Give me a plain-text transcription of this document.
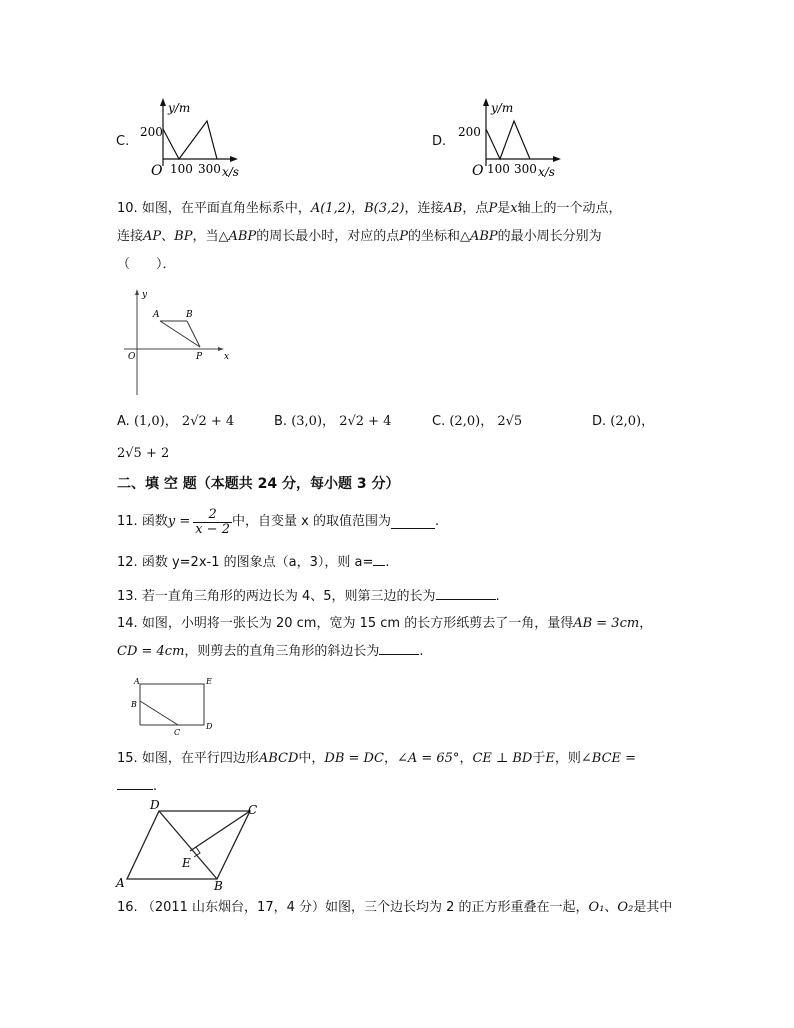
C.
y/m
200
O 100 300 x/s
D.
y/m
200
O 100 300 x/s
10. 如图，在平面直角坐标系中，A(1,2)，B(3,2)，连接AB，点P是x轴上的一个动点，
连接AP、BP，当△ABP的周长最小时，对应的点P的坐标和△ABP的最小周长分别为
（　　）．
y
A	B
O	P x
A. (1,0)， 2√2 + 4	B. (3,0)， 2√2 + 4	C. (2,0)， 2√5	D. (2,0)，
2√5 + 2
二、填 空 题（本题共 24 分，每小题 3 分）
11.
函数 $y = \frac{2}{x - 2}$ 中，自变量 x 的取值范围为	.
12. 函数 y=2x-1 的图象点（a，3），则 a= .
13. 若一直角三角形的两边长为 4、5，则第三边的长为	.
14. 如图，小明将一张长为 20 cm，宽为 15 cm 的长方形纸剪去了一角，量得AB = 3cm，
CD = 4cm，则剪去的直角三角形的斜边长为	.
A	E
B
C
D
15. 如图，在平行四边形ABCD中，DB = DC，∠A = 65°，CE ⊥ BD于E，则∠BCE =
.
D	C
E
A	B
16. （2011 山东烟台，17，4 分）如图，三个边长均为 2 的正方形重叠在一起，O₁、O₂是其中
